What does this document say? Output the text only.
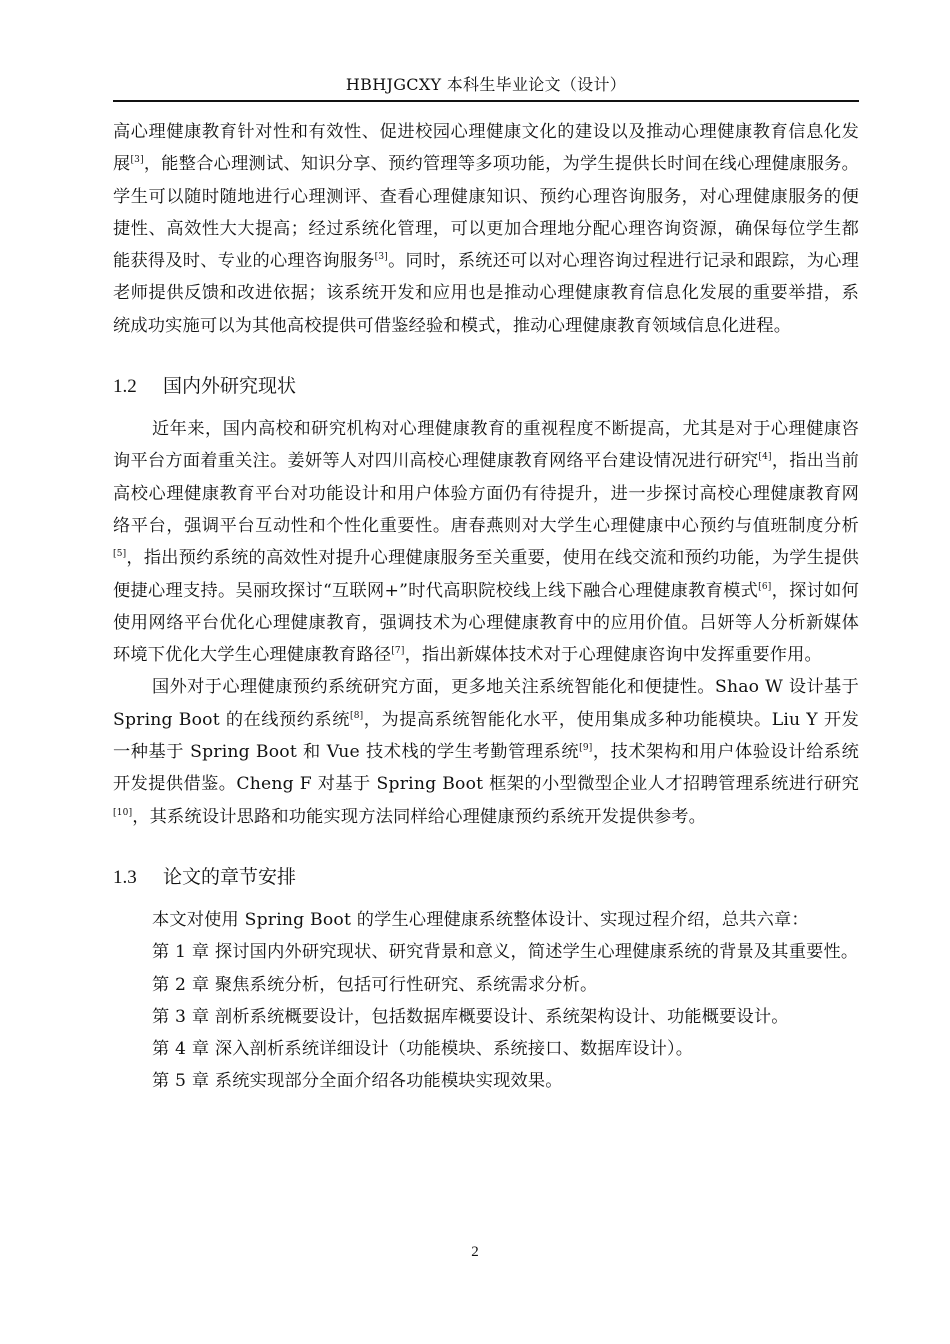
HBHJGCXY 本科生毕业论文（设计）

高心理健康教育针对性和有效性、促进校园心理健康文化的建设以及推动心理健康教育信息化发展[3]，能整合心理测试、知识分享、预约管理等多项功能，为学生提供长时间在线心理健康服务。学生可以随时随地进行心理测评、查看心理健康知识、预约心理咨询服务，对心理健康服务的便捷性、高效性大大提高；经过系统化管理，可以更加合理地分配心理咨询资源，确保每位学生都能获得及时、专业的心理咨询服务[3]。同时，系统还可以对心理咨询过程进行记录和跟踪，为心理老师提供反馈和改进依据；该系统开发和应用也是推动心理健康教育信息化发展的重要举措，系统成功实施可以为其他高校提供可借鉴经验和模式，推动心理健康教育领域信息化进程。

1.2 国内外研究现状

近年来，国内高校和研究机构对心理健康教育的重视程度不断提高，尤其是对于心理健康咨询平台方面着重关注。姜妍等人对四川高校心理健康教育网络平台建设情况进行研究[4]，指出当前高校心理健康教育平台对功能设计和用户体验方面仍有待提升，进一步探讨高校心理健康教育网络平台，强调平台互动性和个性化重要性。唐春燕则对大学生心理健康中心预约与值班制度分析[5]，指出预约系统的高效性对提升心理健康服务至关重要，使用在线交流和预约功能，为学生提供便捷心理支持。吴丽玫探讨“互联网+”时代高职院校线上线下融合心理健康教育模式[6]，探讨如何使用网络平台优化心理健康教育，强调技术为心理健康教育中的应用价值。吕妍等人分析新媒体环境下优化大学生心理健康教育路径[7]，指出新媒体技术对于心理健康咨询中发挥重要作用。

国外对于心理健康预约系统研究方面，更多地关注系统智能化和便捷性。Shao W 设计基于 Spring Boot 的在线预约系统[8]，为提高系统智能化水平，使用集成多种功能模块。Liu Y 开发一种基于 Spring Boot 和 Vue 技术栈的学生考勤管理系统[9]，技术架构和用户体验设计给系统开发提供借鉴。Cheng F 对基于 Spring Boot 框架的小型微型企业人才招聘管理系统进行研究[10]，其系统设计思路和功能实现方法同样给心理健康预约系统开发提供参考。

1.3 论文的章节安排

本文对使用 Spring Boot 的学生心理健康系统整体设计、实现过程介绍，总共六章：

第 1 章 探讨国内外研究现状、研究背景和意义，简述学生心理健康系统的背景及其重要性。

第 2 章 聚焦系统分析，包括可行性研究、系统需求分析。

第 3 章 剖析系统概要设计，包括数据库概要设计、系统架构设计、功能概要设计。

第 4 章 深入剖析系统详细设计（功能模块、系统接口、数据库设计）。

第 5 章 系统实现部分全面介绍各功能模块实现效果。

2
